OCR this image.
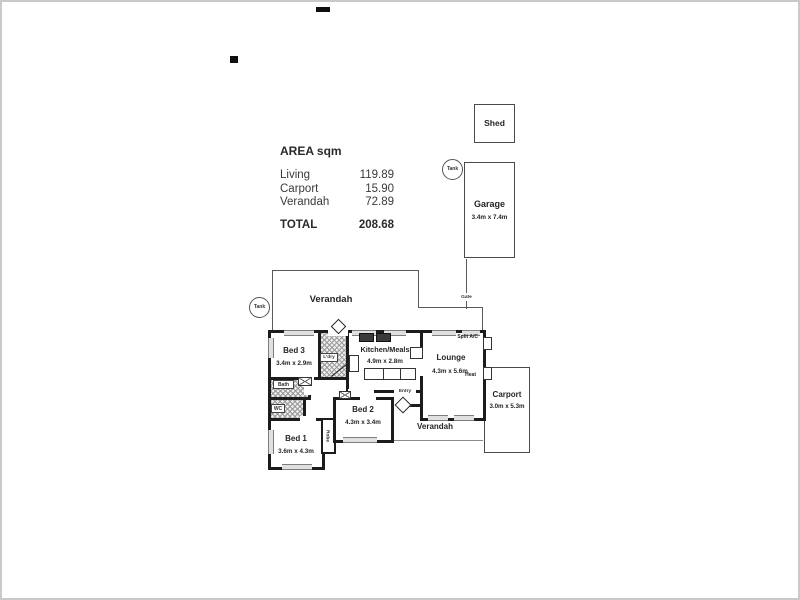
AREA sqm
Living	119.89
Carport	15.90
Verandah	72.89
TOTAL	208.68
Shed
Tank
Garage
3.4m x 7.4m
Gate
Verandah
Tank
Carport
3.0m x 5.3m
Entry
Split A/C
Heat
Verandah
Bed 3
3.4m x 2.9m
Kitchen/Meals
4.9m x 2.8m	Lounge
4.3m x 5.6m
Bed 2
4.3m x 3.4m
Bed 1
3.6m x 4.3m
L'dry
Bath
WC
Robe
